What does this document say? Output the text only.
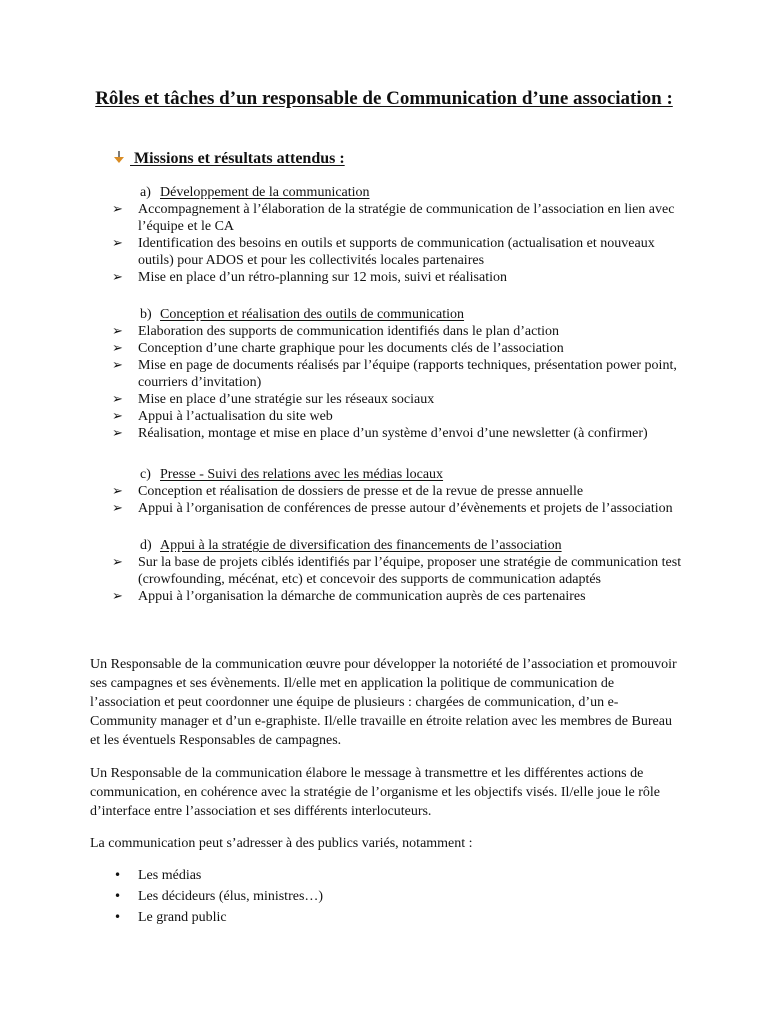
Rôles et tâches d’un responsable de Communication d’une association :
Missions et résultats attendus :
a) Développement de la communication
➢ Accompagnement à l’élaboration de la stratégie de communication de l’association en lien avec l’équipe et le CA
➢ Identification des besoins en outils et supports de communication (actualisation et nouveaux outils) pour ADOS et pour les collectivités locales partenaires
➢ Mise en place d’un rétro-planning sur 12 mois, suivi et réalisation
b) Conception et réalisation des outils de communication
➢ Elaboration des supports de communication identifiés dans le plan d’action
➢ Conception d’une charte graphique pour les documents clés de l’association
➢ Mise en page de documents réalisés par l’équipe (rapports techniques, présentation power point, courriers d’invitation)
➢ Mise en place d’une stratégie sur les réseaux sociaux
➢ Appui à l’actualisation du site web
➢ Réalisation, montage et mise en place d’un système d’envoi d’une newsletter (à confirmer)
c) Presse - Suivi des relations avec les médias locaux
➢ Conception et réalisation de dossiers de presse et de la revue de presse annuelle
➢ Appui à l’organisation de conférences de presse autour d’évènements et projets de l’association
d) Appui à la stratégie de diversification des financements de l’association
➢ Sur la base de projets ciblés identifiés par l’équipe, proposer une stratégie de communication test (crowfounding, mécénat, etc) et concevoir des supports de communication adaptés
➢ Appui à l’organisation la démarche de communication auprès de ces partenaires

Un Responsable de la communication œuvre pour développer la notoriété de l’association et promouvoir ses campagnes et ses évènements. Il/elle met en application la politique de communication de l’association et peut coordonner une équipe de plusieurs : chargées de communication, d’un e-Community manager et d’un e-graphiste. Il/elle travaille en étroite relation avec les membres de Bureau et les éventuels Responsables de campagnes.

Un Responsable de la communication élabore le message à transmettre et les différentes actions de communication, en cohérence avec la stratégie de l’organisme et les objectifs visés. Il/elle joue le rôle d’interface entre l’association et ses différents interlocuteurs.

La communication peut s’adresser à des publics variés, notamment :

• Les médias
• Les décideurs (élus, ministres…)
• Le grand public
